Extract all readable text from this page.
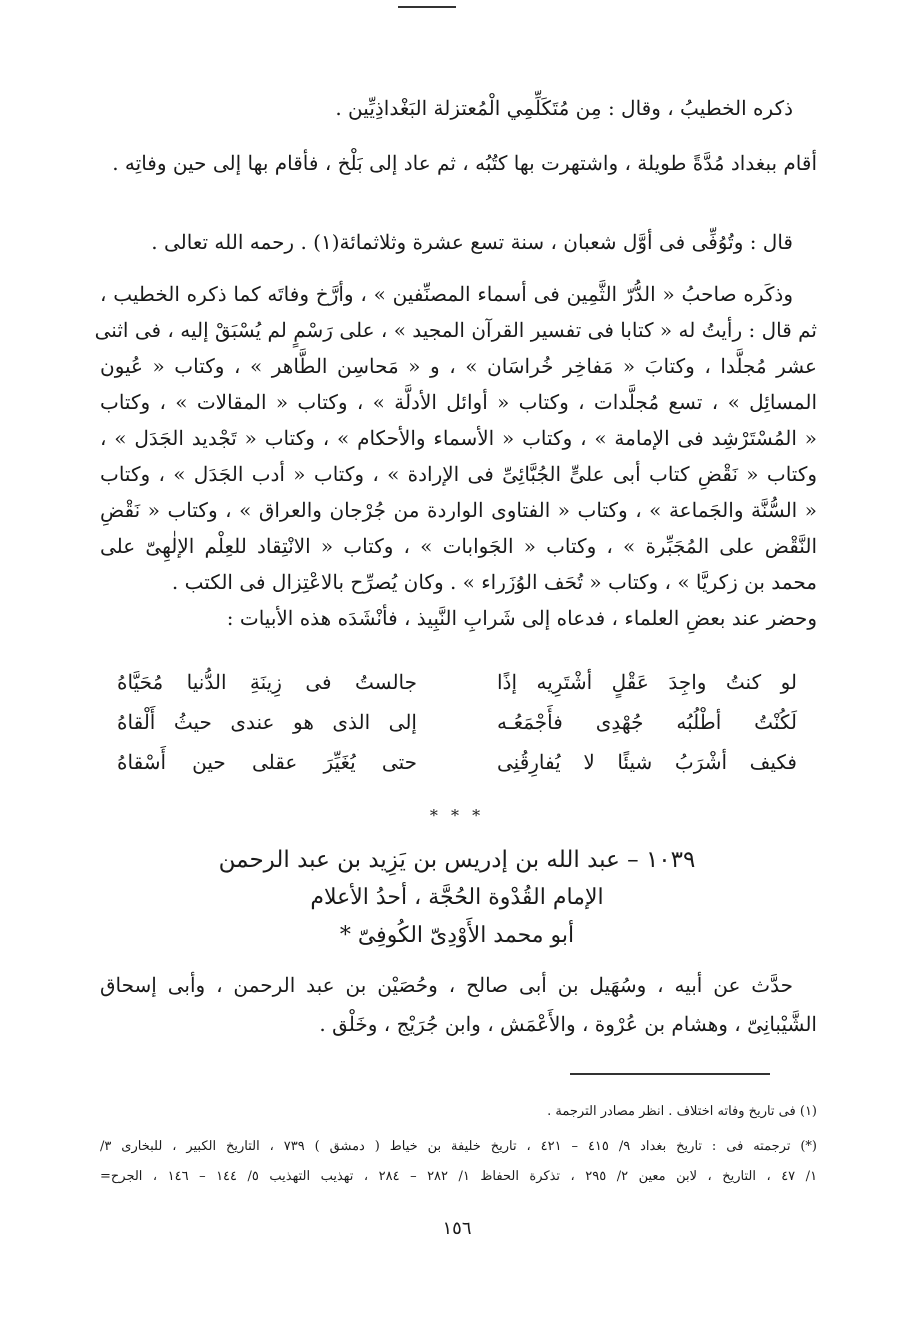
ذكره الخطيبُ ، وقال : مِن مُتَكَلِّمِي الْمُعتزلة البَغْداذِيِّين .
أقام ببغداد مُدَّةً طويلة ، واشتهرت بها كتُبُه ، ثم عاد إلى بَلْخ ، فأقام بها إلى حين وفاتِه .
قال : وتُوُفِّى فى أوَّل شعبان ، سنة تسع عشرة وثلاثمائة(١) . رحمه الله تعالى .
وذكَره صاحبُ « الدُّرّ الثَّمِين فى أسماء المصنِّفين » ، وأرَّخ وفاتَه كما ذكره الخطيب ،
ثم قال : رأيتُ له « كتابا فى تفسير القرآن المجيد » ، على رَسْمٍ لم يُسْبَقْ إليه ، فى اثنى
عشر مُجلَّدا ، وكتابَ « مَفاخِر خُراسَان » ، و « مَحاسِن الطَّاهر » ، وكتاب « عُيون
المسائِل » ، تسع مُجلَّدات ، وكتاب « أوائل الأدلَّة » ، وكتاب « المقالات » ، وكتاب
« المُسْتَرْشِد فى الإمامة » ، وكتاب « الأسماء والأحكام » ، وكتاب « تَجْديد الجَدَل » ،
وكتاب « نَقْضِ كتاب أبى علىٍّ الجُبَّائِىِّ فى الإرادة » ، وكتاب « أدب الجَدَل » ، وكتاب
« السُّنَّة والجَماعة » ، وكتاب « الفتاوى الواردة من جُرْجان والعراق » ، وكتاب « نَقْضِ
النَّقْض على المُجَبِّرة » ، وكتاب « الجَوابات » ، وكتاب « الانْتِقاد للعِلْم الإلٰهِىّ على
محمد بن زكريَّا » ، وكتاب « تُحَف الوُزَراء » . وكان يُصرِّح بالاعْتِزال فى الكتب .
وحضر عند بعضِ العلماء ، فدعاه إلى شَرابِ النَّبِيذ ، فأنْشَدَه هذه الأبيات :
لو كنتُ واجِدَ عَقْلٍ أشْتَرِيه إذًا
جالستُ فى زِينَةِ الدُّنيا مُحَيَّاهُ
لَكُنْتُ أطْلُبُه جُهْدِى فأَجْمَعُـه
إلى الذى هو عندى حيثُ أَلْقاهُ
فكيف أشْرَبُ شيئًا لا يُفارِقُنِى
حتى يُغَيِّرَ عقلى حين أَسْقاهُ
* * *
١٠٣٩ – عبد الله بن إدريس بن يَزِيد بن عبد الرحمن
الإمام القُدْوة الحُجَّة ، أحدُ الأعلام
أبو محمد الأَوْدِىّ الكُوفِىّ *
حدَّث عن أبيه ، وسُهَيل بن أبى صالح ، وحُصَيْن بن عبد الرحمن ، وأبى إسحاق
الشَّيْبانِىّ ، وهشام بن عُرْوة ، والأَعْمَش ، وابن جُرَيْج ، وخَلْق .
(١) فى تاريخ وفاته اختلاف . انظر مصادر الترجمة .
(*) ترجمته فى : تاريخ بغداد ٩/ ٤١٥ – ٤٢١ ، تاريخ خليفة بن خياط ( دمشق ) ٧٣٩ ، التاريخ الكبير ، للبخارى ٣/
١/ ٤٧ ، التاريخ ، لابن معين ٢/ ٢٩٥ ، تذكرة الحفاظ ١/ ٢٨٢ – ٢٨٤ ، تهذيب التهذيب ٥/ ١٤٤ – ١٤٦ ، الجرح=
١٥٦
